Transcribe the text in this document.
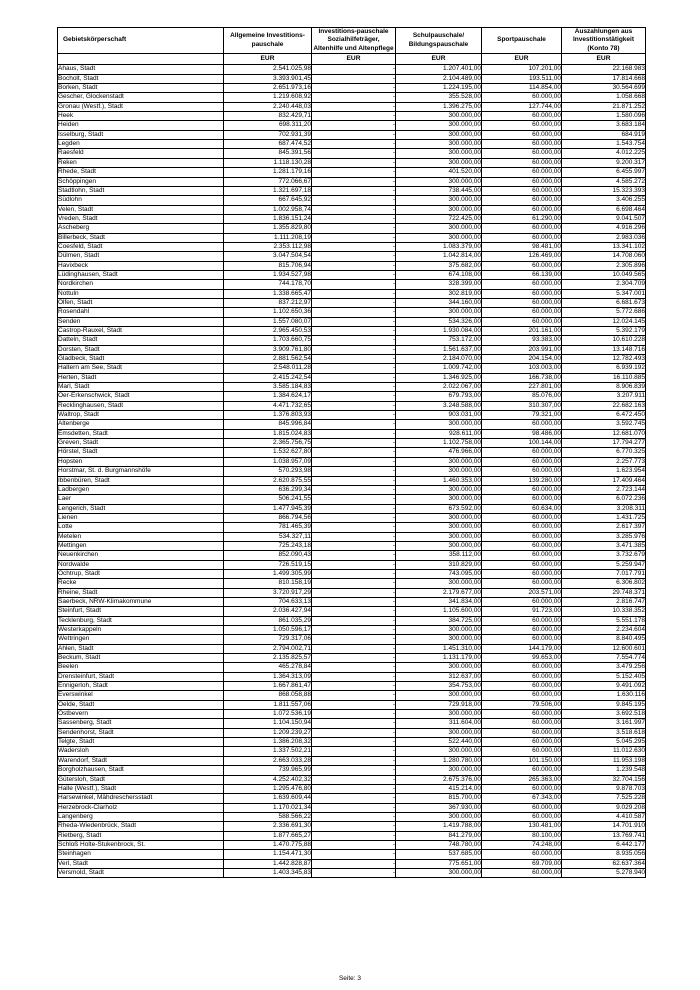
Gebietskörperschaft	Allgemeine Investitions-pauschale	Investitions-pauschale Sozialhilfeträger, Altenhilfe und Altenpflege	Schulpauschale/ Bildungspauschale	Sportpauschale	Auszahlungen aus Investitionstätigkeit (Konto 78)
	EUR	EUR	EUR	EUR	EUR
Ahaus, Stadt	2.541.025,98	-	1.207.401,00	107.201,00	22.168.983
Bocholt, Stadt	3.393.901,45	-	2.104.489,00	193.511,00	17.814.668
Borken, Stadt	2.651.973,16	-	1.224.195,00	114.854,00	30.564.699
Gescher, Glockenstadt	1.219.608,92	-	355.528,00	60.000,00	1.058.668
Gronau (Westf.), Stadt	2.240.448,03	-	1.396.275,00	127.744,00	21.871.252
Heek	832.429,71	-	300.000,00	60.000,00	1.580.096
Heiden	698.311,20	-	300.000,00	60.000,00	3.683.184
Isselburg, Stadt	702.931,39	-	300.000,00	60.000,00	684.919
Legden	687.474,52	-	300.000,00	60.000,00	1.543.754
Raesfeld	845.391,56	-	300.000,00	60.000,00	4.012.225
Reken	1.118.130,28	-	300.000,00	60.000,00	9.200.317
Rhede, Stadt	1.281.179,16	-	401.520,00	60.000,00	6.455.997
Schöppingen	772.066,67	-	300.000,00	60.000,00	4.585.272
Stadtlohn, Stadt	1.321.697,18	-	738.445,00	60.000,00	15.323.393
Südlohn	667.645,92	-	300.000,00	60.000,00	3.406.255
Velen, Stadt	1.002.958,74	-	300.000,00	60.000,00	6.698.464
Vreden, Stadt	1.836.151,24	-	722.425,00	61.290,00	9.041.507
Ascheberg	1.355.829,80	-	300.000,00	60.000,00	4.916.296
Billerbeck, Stadt	1.111.208,19	-	300.000,00	60.000,00	2.983.036
Coesfeld, Stadt	2.353.112,98	-	1.083.379,00	98.481,00	13.341.102
Dülmen, Stadt	3.047.504,54	-	1.042.814,00	126.469,00	14.708.060
Havixbeck	815.706,94	-	375.682,00	60.000,00	2.305.896
Lüdinghausen, Stadt	1.934.527,98	-	674.108,00	66.139,00	10.049.565
Nordkirchen	744.178,70	-	328.399,00	60.000,00	2.304.709
Nottuln	1.338.665,47	-	302.819,00	60.000,00	5.347.001
Olfen, Stadt	837.212,97	-	344.160,00	60.000,00	6.681.673
Rosendahl	1.102.650,36	-	300.000,00	60.000,00	5.772.686
Senden	1.557.080,07	-	534.326,00	60.000,00	12.024.145
Castrop-Rauxel, Stadt	2.965.450,53	-	1.930.084,00	201.161,00	5.392.179
Datteln, Stadt	1.703.660,75	-	753.172,00	93.383,00	10.610.228
Dorsten, Stadt	3.909.761,80	-	1.561.637,00	203.991,00	13.148.716
Gladbeck, Stadt	2.881.562,54	-	2.184.070,00	204.154,00	12.782.493
Haltern am See, Stadt	2.548.011,28	-	1.009.742,00	103.003,00	6.939.192
Herten, Stadt	2.415.242,54	-	1.346.925,00	166.738,00	16.110.885
Marl, Stadt	3.585.184,83	-	2.022.067,00	227.801,00	8.906.839
Oer-Erkenschwick, Stadt	1.384.624,17	-	679.793,00	85.076,00	3.207.911
Recklinghausen, Stadt	4.471.732,65	-	3.248.588,00	310.307,00	22.682.163
Waltrop, Stadt	1.376.803,93	-	903.031,00	79.321,00	6.472.450
Altenberge	845.996,84	-	300.000,00	60.000,00	3.592.745
Emsdetten, Stadt	1.815.024,83	-	928.611,00	98.486,00	12.681.070
Greven, Stadt	2.365.756,75	-	1.102.758,00	100.144,00	17.794.277
Hörstel, Stadt	1.532.627,80	-	476.966,00	60.000,00	6.770.325
Hopsten	1.038.957,09	-	300.000,00	60.000,00	2.257.773
Horstmar, St. d. Burgmannshöfe	570.293,98	-	300.000,00	60.000,00	1.623.954
Ibbenbüren, Stadt	2.620.875,55	-	1.460.353,00	139.280,00	17.409.464
Ladbergen	636.299,34	-	300.000,00	60.000,00	2.723.144
Laer	506.241,55	-	300.000,00	60.000,00	6.072.236
Lengerich, Stadt	1.477.945,39	-	673.592,00	60.634,00	3.208.311
Lienen	866.794,56	-	300.000,00	60.000,00	1.431.725
Lotte	781.465,39	-	300.000,00	60.000,00	2.617.397
Metelen	534.327,11	-	300.000,00	60.000,00	3.285.976
Mettingen	725.243,18	-	300.000,00	60.000,00	3.471.385
Neuenkirchen	852.090,43	-	358.112,00	60.000,00	3.732.679
Nordwalde	726.519,15	-	310.829,00	60.000,00	5.259.947
Ochtrup, Stadt	1.499.305,99	-	743.095,00	60.000,00	7.017.791
Recke	810.158,19	-	300.000,00	60.000,00	6.306.802
Rheine, Stadt	3.720.917,29	-	2.179.677,00	203.571,00	29.748.371
Saerbeck, NRW-Klimakommune	704.633,13	-	341.834,00	60.000,00	2.816.747
Steinfurt, Stadt	2.036.427,94	-	1.105.600,00	91.723,00	10.338.352
Tecklenburg, Stadt	861.035,29	-	384.725,00	60.000,00	5.551.178
Westerkappeln	1.050.596,17	-	300.000,00	60.000,00	2.234.604
Wettringen	729.317,06	-	300.000,00	60.000,00	8.840.495
Ahlen, Stadt	2.794.002,71	-	1.451.310,00	144.179,00	12.600.601
Beckum, Stadt	2.135.825,57	-	1.131.179,00	99.653,00	7.554.774
Beelen	465.278,84	-	300.000,00	60.000,00	3.479.256
Drensteinfurt, Stadt	1.364.313,09	-	312.637,00	60.000,00	5.152.405
Ennigerloh, Stadt	1.667.861,47	-	354.753,00	60.000,00	9.491.092
Everswinkel	868.058,88	-	300.000,00	60.000,00	1.630.116
Oelde, Stadt	1.811.557,06	-	729.918,00	79.506,00	9.845.195
Ostbevern	1.072.536,19	-	300.000,00	60.000,00	3.692.518
Sassenberg, Stadt	1.104.150,94	-	311.604,00	60.000,00	3.161.997
Sendenhorst, Stadt	1.209.239,27	-	300.000,00	60.000,00	3.518.618
Telgte, Stadt	1.386.208,32	-	522.440,00	60.000,00	5.045.295
Wadersloh	1.337.502,21	-	300.000,00	60.000,00	11.012.630
Warendorf, Stadt	2.663.033,28	-	1.280.780,00	101.150,00	11.953.198
Borgholzhausen, Stadt	739.965,99	-	300.000,00	60.000,00	1.239.548
Gütersloh, Stadt	4.252.402,32	-	2.675.376,00	265.363,00	32.704.156
Halle (Westf.), Stadt	1.295.476,80	-	415.214,00	60.000,00	9.878.703
Harsewinkel, Mähdreschersstadt	1.639.609,44	-	815.700,00	67.343,00	7.525.228
Herzebrock-Clarholz	1.170.021,34	-	367.930,00	60.000,00	9.029.208
Langenberg	588.566,22	-	300.000,00	60.000,00	4.410.587
Rheda-Wiedenbrück, Stadt	2.336.691,30	-	1.419.788,00	130.481,00	14.701.910
Rietberg, Stadt	1.877.665,27	-	841.279,00	80.100,00	13.769.741
Schloß Holte-Stukenbrock, St.	1.470.775,88	-	748.780,00	74.248,00	6.442.177
Steinhagen	1.154.471,30	-	537.685,00	60.000,00	8.935.056
Verl, Stadt	1.442.828,87	-	775.651,00	69.709,00	62.637.364
Versmold, Stadt	1.403.345,83	-	300.000,00	60.000,00	5.278.940
Seite: 3
